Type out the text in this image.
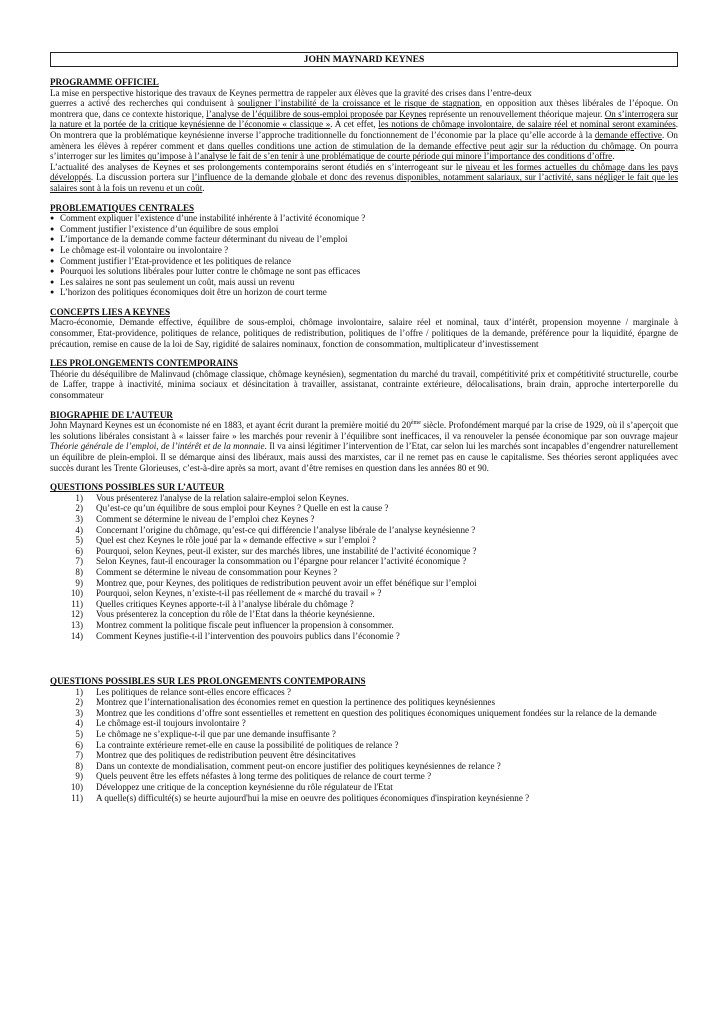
JOHN MAYNARD KEYNES
PROGRAMME OFFICIEL

La mise en perspective historique des travaux de Keynes permettra de rappeler aux élèves que la gravité des crises dans l’entre-deux

guerres a activé des recherches qui conduisent à souligner l’instabilité de la croissance et le risque de stagnation, en opposition aux thèses libérales de l’époque. On montrera que, dans ce contexte historique, l’analyse de l’équilibre de sous-emploi proposée par Keynes représente un renouvellement théorique majeur. On s’interrogera sur la nature et la portée de la critique keynésienne de l’économie « classique ». A cet effet, les notions de chômage involontaire, de salaire réel et nominal seront examinées. On montrera que la problématique keynésienne inverse l’approche traditionnelle du fonctionnement de l’économie par la place qu’elle accorde à la demande effective. On amènera les élèves à repérer comment et dans quelles conditions une action de stimulation de la demande effective peut agir sur la réduction du chômage. On pourra s’interroger sur les limites qu’impose à l’analyse le fait de s’en tenir à une problématique de courte période qui minore l’importance des conditions d’offre.

L’actualité des analyses de Keynes et ses prolongements contemporains seront étudiés en s’interrogeant sur le niveau et les formes actuelles du chômage dans les pays développés. La discussion portera sur l’influence de la demande globale et donc des revenus disponibles, notamment salariaux, sur l’activité, sans négliger le fait que les salaires sont à la fois un revenu et un coût.

PROBLEMATIQUES CENTRALES
● Comment expliquer l’existence d’une instabilité inhérente à l’activité économique ?
● Comment justifier l’existence d’un équilibre de sous emploi
● L’importance de la demande comme facteur déterminant du niveau de l’emploi
● Le chômage est-il volontaire ou involontaire ?
● Comment justifier l’Etat-providence et les politiques de relance
● Pourquoi les solutions libérales pour lutter contre le chômage ne sont pas efficaces
● Les salaires ne sont pas seulement un coût, mais aussi un revenu
● L’horizon des politiques économiques doit être un horizon de court terme
CONCEPTS LIES A KEYNES

Macro-économie, Demande effective, équilibre de sous-emploi, chômage involontaire, salaire réel et nominal, taux d’intérêt, propension moyenne / marginale à consommer, Etat-providence, politiques de relance, politiques de redistribution, politiques de l’offre / politiques de la demande, préférence pour la liquidité, épargne de précaution, remise en cause de la loi de Say, rigidité de salaires nominaux, fonction de consommation, multiplicateur d’investissement

LES PROLONGEMENTS CONTEMPORAINS

Théorie du déséquilibre de Malinvaud (chômage classique, chômage keynésien), segmentation du marché du travail, compétitivité prix et compétitivité structurelle, courbe de Laffer, trappe à inactivité, minima sociaux et désincitation à travailler, assistanat, contrainte extérieure, délocalisations, brain drain, approche interterporelle du consommateur

BIOGRAPHIE DE L’AUTEUR

John Maynard Keynes est un économiste né en 1883, et ayant écrit durant la première moitié du 20ème siècle. Profondément marqué par la crise de 1929, où il s’aperçoit que les solutions libérales consistant à « laisser faire » les marchés pour revenir à l’équilibre sont inefficaces, il va renouveler la pensée économique par son ouvrage majeur Théorie générale de l’emploi, de l’intérêt et de la monnaie. Il va ainsi légitimer l’intervention de l’Etat, car selon lui les marchés sont incapables d’engendrer naturellement un équilibre de plein-emploi. Il se démarque ainsi des libéraux, mais aussi des marxistes, car il ne remet pas en cause le capitalisme. Ses théories seront appliquées avec succès durant les Trente Glorieuses, c’est-à-dire après sa mort, avant d’être remises en question dans les années 80 et 90.

QUESTIONS POSSIBLES SUR L’AUTEUR
1)	Vous présenterez l'analyse de la relation salaire-emploi selon Keynes.
2)	Qu’est-ce qu’un équilibre de sous emploi pour Keynes ? Quelle en est la cause ?
3)	Comment se détermine le niveau de l’emploi chez Keynes ?
4)	Concernant l’origine du chômage, qu’est-ce qui différencie l’analyse libérale de l’analyse keynésienne ?
5)	Quel est chez Keynes le rôle joué par la « demande effective » sur l’emploi ?
6)	Pourquoi, selon Keynes, peut-il exister, sur des marchés libres, une instabilité de l’activité économique ?
7)	Selon Keynes, faut-il encourager la consommation ou l’épargne pour relancer l’activité économique ?
8)	Comment se détermine le niveau de consommation pour Keynes ?
9)	Montrez que, pour Keynes, des politiques de redistribution peuvent avoir un effet bénéfique sur l’emploi
10)	Pourquoi, selon Keynes, n’existe-t-il pas réellement de « marché du travail » ?
11)	Quelles critiques Keynes apporte-t-il à l’analyse libérale du chômage ?
12)	Vous présenterez la conception du rôle de l’Etat dans la théorie keynésienne.
13)	Montrez comment la politique fiscale peut influencer la propension à consommer.
14)	Comment Keynes justifie-t-il l’intervention des pouvoirs publics dans l’économie ?
QUESTIONS POSSIBLES SUR LES PROLONGEMENTS CONTEMPORAINS
1)	Les politiques de relance sont-elles encore efficaces ?
2)	Montrez que l’internationalisation des économies remet en question la pertinence des politiques keynésiennes
3)	Montrez que les conditions d’offre sont essentielles et remettent en question des politiques économiques uniquement fondées sur la relance de la demande
4)	Le chômage est-il toujours involontaire ?
5)	Le chômage ne s’explique-t-il que par une demande insuffisante ?
6)	La contrainte extérieure remet-elle en cause la possibilité de politiques de relance ?
7)	Montrez que des politiques de redistribution peuvent être désincitatives
8)	Dans un contexte de mondialisation, comment peut-on encore justifier des politiques keynésiennes de relance ?
9)	Quels peuvent être les effets néfastes à long terme des politiques de relance de court terme ?
10)	Développez une critique de la conception keynésienne du rôle régulateur de l'Etat
11)	A quelle(s) difficulté(s) se heurte aujourd'hui la mise en oeuvre des politiques économiques d'inspiration keynésienne ?
